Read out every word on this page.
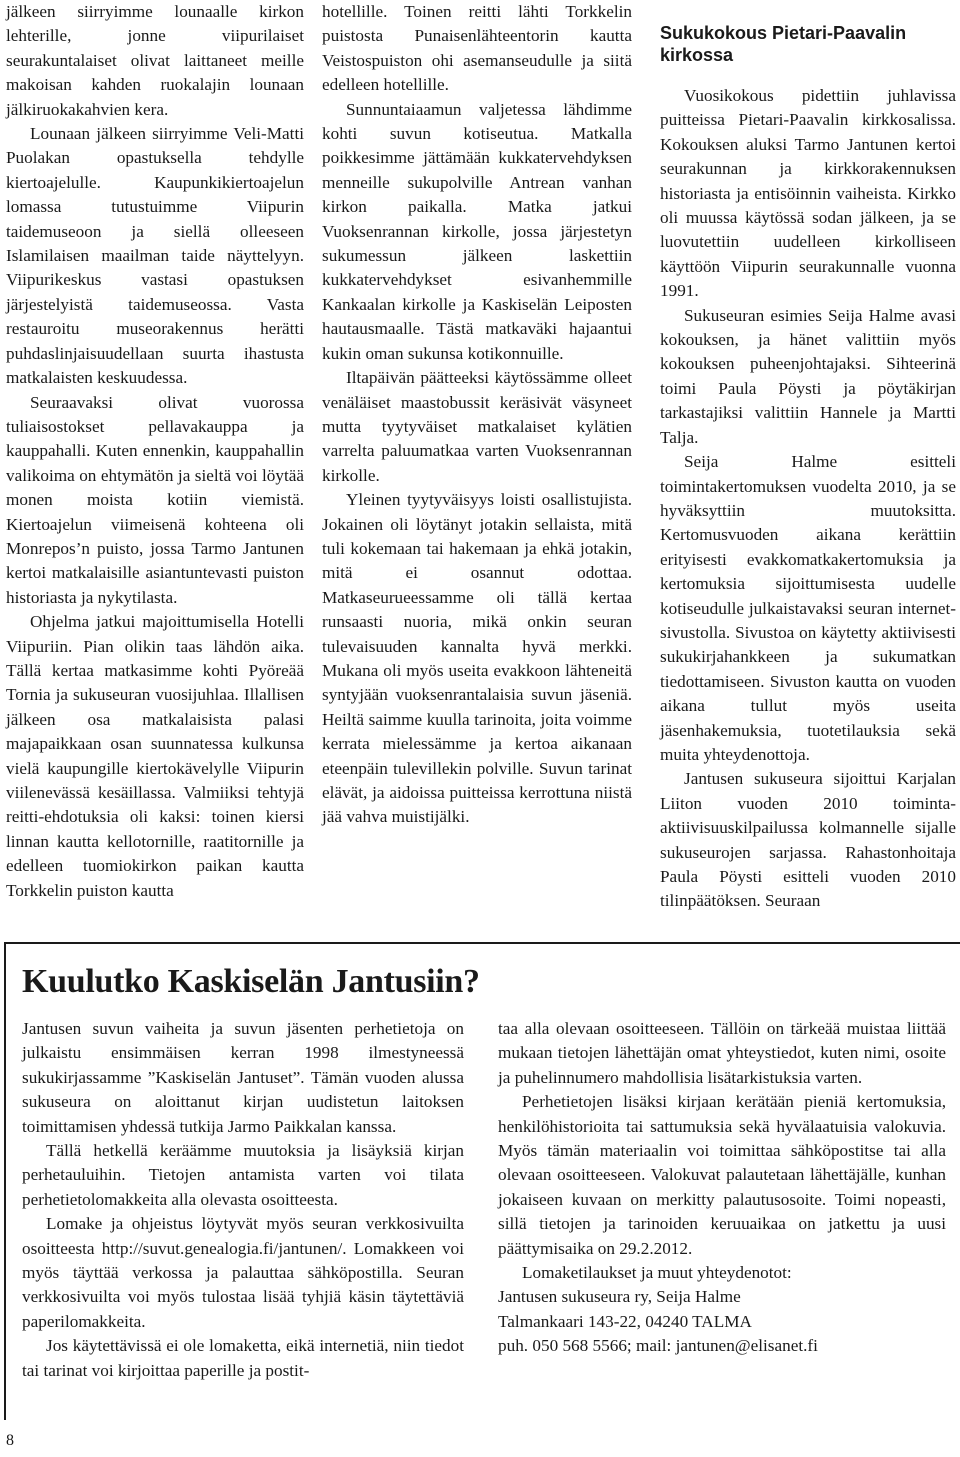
jälkeen siirryimme lounaalle kirkon lehterille, jonne viipurilaiset seurakuntalaiset olivat laittaneet meille makoisan kahden ruokalajin lounaan jälkiruokakahvien kera.

Lounaan jälkeen siirryimme Veli-Matti Puolakan opastuksella tehdylle kiertoajelulle. Kaupunkikiertoajelun lomassa tutustuimme Viipurin taidemuseoon ja siellä olleeseen Islamilaisen maailman taide näyttelyyn. Viipurikeskus vastasi opastuksen järjestelyistä taidemuseossa. Vasta restauroitu museorakennus herätti puhdaslinjaisuudellaan suurta ihastusta matkalaisten keskuudessa.

Seuraavaksi olivat vuorossa tuliaisostokset pellavakauppa ja kauppahalli. Kuten ennenkin, kauppahallin valikoima on ehtymätön ja sieltä voi löytää monen moista kotiin viemistä. Kiertoajelun viimeisenä kohteena oli Monrepos’n puisto, jossa Tarmo Jantunen kertoi matkalaisille asiantuntevasti puiston historiasta ja nykytilasta.

Ohjelma jatkui majoittumisella Hotelli Viipuriin. Pian olikin taas lähdön aika. Tällä kertaa matkasimme kohti Pyöreää Tornia ja sukuseuran vuosijuhlaa. Illallisen jälkeen osa matkalaisista palasi majapaikkaan osan suunnatessa kulkunsa vielä kaupungille kiertokävelylle Viipurin viilenevässä kesäillassa. Valmiiksi tehtyjä reitti-ehdotuksia oli kaksi: toinen kiersi linnan kautta kellotornille, raatitornille ja edelleen tuomiokirkon paikan kautta Torkkelin puiston kautta

hotellille. Toinen reitti lähti Torkkelin puistosta Punaisenlähteentorin kautta Veistospuiston ohi asemanseudulle ja siitä edelleen hotellille.

Sunnuntaiaamun valjetessa lähdimme kohti suvun kotiseutua. Matkalla poikkesimme jättämään kukkatervehdyksen menneille sukupolville Antrean vanhan kirkon paikalla. Matka jatkui Vuoksenrannan kirkolle, jossa järjestetyn sukumessun jälkeen laskettiin kukkatervehdykset esivanhemmille Kankaalan kirkolle ja Kaskiselän Leiposten hautausmaalle. Tästä matkaväki hajaantui kukin oman sukunsa kotikonnuille.

Iltapäivän päätteeksi käytössämme olleet venäläiset maastobussit keräsivät väsyneet mutta tyytyväiset matkalaiset kylätien varrelta paluumatkaa varten Vuoksenrannan kirkolle.

Yleinen tyytyväisyys loisti osallistujista. Jokainen oli löytänyt jotakin sellaista, mitä tuli kokemaan tai hakemaan ja ehkä jotakin, mitä ei osannut odottaa. Matkaseurueessamme oli tällä kertaa runsaasti nuoria, mikä onkin seuran tulevaisuuden kannalta hyvä merkki. Mukana oli myös useita evakkoon lähteneitä syntyjään vuoksenrantalaisia suvun jäseniä. Heiltä saimme kuulla tarinoita, joita voimme kerrata mielessämme ja kertoa aikanaan eteenpäin tulevillekin polville. Suvun tarinat elävät, ja aidoissa puitteissa kerrottuna niistä jää vahva muistijälki.

Sukukokous Pietari-Paavalin kirkossa

Vuosikokous pidettiin juhlavissa puitteissa Pietari-Paavalin kirkkosalissa. Kokouksen aluksi Tarmo Jantunen kertoi seurakunnan ja kirkkorakennuksen historiasta ja entisöinnin vaiheista. Kirkko oli muussa käytössä sodan jälkeen, ja se luovutettiin uudelleen kirkolliseen käyttöön Viipurin seurakunnalle vuonna 1991.

Sukuseuran esimies Seija Halme avasi kokouksen, ja hänet valittiin myös kokouksen puheenjohtajaksi. Sihteerinä toimi Paula Pöysti ja pöytäkirjan tarkastajiksi valittiin Hannele ja Martti Talja.

Seija Halme esitteli toimintakertomuksen vuodelta 2010, ja se hyväksyttiin muutoksitta. Kertomusvuoden aikana kerättiin erityisesti evakkomatkakertomuksia ja kertomuksia sijoittumisesta uudelle kotiseudulle julkaistavaksi seuran internet-sivustolla. Sivustoa on käytetty aktiivisesti sukukirjahankkeen ja sukumatkan tiedottamiseen. Sivuston kautta on vuoden aikana tullut myös useita jäsenhakemuksia, tuotetilauksia sekä muita yhteydenottoja.

Jantusen sukuseura sijoittui Karjalan Liiton vuoden 2010 toiminta-aktiivisuuskilpailussa kolmannelle sijalle sukuseurojen sarjassa. Rahastonhoitaja Paula Pöysti esitteli vuoden 2010 tilinpäätöksen. Seuraan

Kuulutko Kaskiselän Jantusiin?

Jantusen suvun vaiheita ja suvun jäsenten perhetietoja on julkaistu ensimmäisen kerran 1998 ilmestyneessä sukukirjassamme ”Kaskiselän Jantuset”. Tämän vuoden alussa sukuseura on aloittanut kirjan uudistetun laitoksen toimittamisen yhdessä tutkija Jarmo Paikkalan kanssa.

Tällä hetkellä keräämme muutoksia ja lisäyksiä kirjan perhetauluihin. Tietojen antamista varten voi tilata perhetietolomakkeita alla olevasta osoitteesta.

Lomake ja ohjeistus löytyvät myös seuran verkkosivuilta osoitteesta http://suvut.genealogia.fi/jantunen/. Lomakkeen voi myös täyttää verkossa ja palauttaa sähköpostilla. Seuran verkkosivuilta voi myös tulostaa lisää tyhjiä käsin täytettäviä paperilomakkeita.

Jos käytettävissä ei ole lomaketta, eikä internetiä, niin tiedot tai tarinat voi kirjoittaa paperille ja postit-

taa alla olevaan osoitteeseen. Tällöin on tärkeää muistaa liittää mukaan tietojen lähettäjän omat yhteystiedot, kuten nimi, osoite ja puhelinnumero mahdollisia lisätarkistuksia varten.

Perhetietojen lisäksi kirjaan kerätään pieniä kertomuksia, henkilöhistorioita tai sattumuksia sekä hyvälaatuisia valokuvia. Myös tämän materiaalin voi toimittaa sähköpostitse tai alla olevaan osoitteeseen. Valokuvat palautetaan lähettäjälle, kunhan jokaiseen kuvaan on merkitty palautusosoite. Toimi nopeasti, sillä tietojen ja tarinoiden keruuaikaa on jatkettu ja uusi päättymisaika on 29.2.2012.

Lomaketilaukset ja muut yhteydenotot:

Jantusen sukuseura ry, Seija Halme
Talmankaari 143-22, 04240 TALMA
puh. 050 568 5566; mail: jantunen@elisanet.fi
8
